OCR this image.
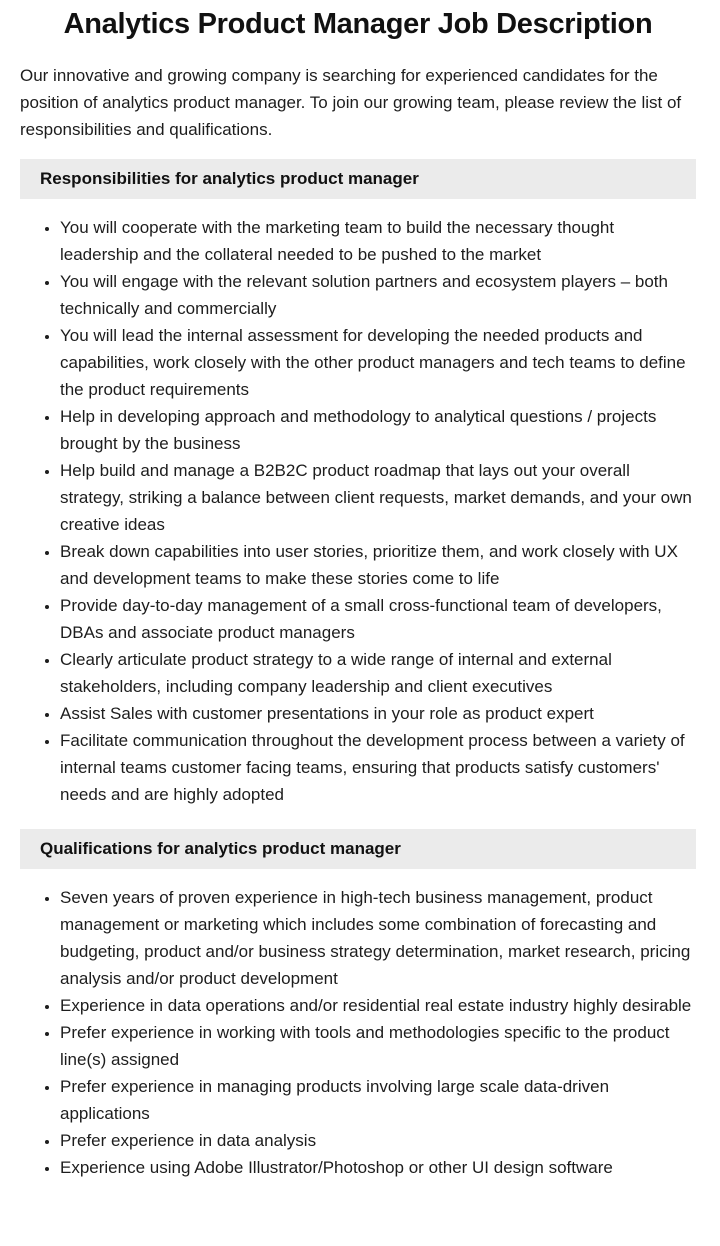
Analytics Product Manager Job Description

Our innovative and growing company is searching for experienced candidates for the position of analytics product manager. To join our growing team, please review the list of responsibilities and qualifications.

Responsibilities for analytics product manager
• You will cooperate with the marketing team to build the necessary thought leadership and the collateral needed to be pushed to the market
• You will engage with the relevant solution partners and ecosystem players – both technically and commercially
• You will lead the internal assessment for developing the needed products and capabilities, work closely with the other product managers and tech teams to define the product requirements
• Help in developing approach and methodology to analytical questions / projects brought by the business
• Help build and manage a B2B2C product roadmap that lays out your overall strategy, striking a balance between client requests, market demands, and your own creative ideas
• Break down capabilities into user stories, prioritize them, and work closely with UX and development teams to make these stories come to life
• Provide day-to-day management of a small cross-functional team of developers, DBAs and associate product managers
• Clearly articulate product strategy to a wide range of internal and external stakeholders, including company leadership and client executives
• Assist Sales with customer presentations in your role as product expert
• Facilitate communication throughout the development process between a variety of internal teams customer facing teams, ensuring that products satisfy customers' needs and are highly adopted
Qualifications for analytics product manager
• Seven years of proven experience in high-tech business management, product management or marketing which includes some combination of forecasting and budgeting, product and/or business strategy determination, market research, pricing analysis and/or product development
• Experience in data operations and/or residential real estate industry highly desirable
• Prefer experience in working with tools and methodologies specific to the product line(s) assigned
• Prefer experience in managing products involving large scale data-driven applications
• Prefer experience in data analysis
• Experience using Adobe Illustrator/Photoshop or other UI design software
